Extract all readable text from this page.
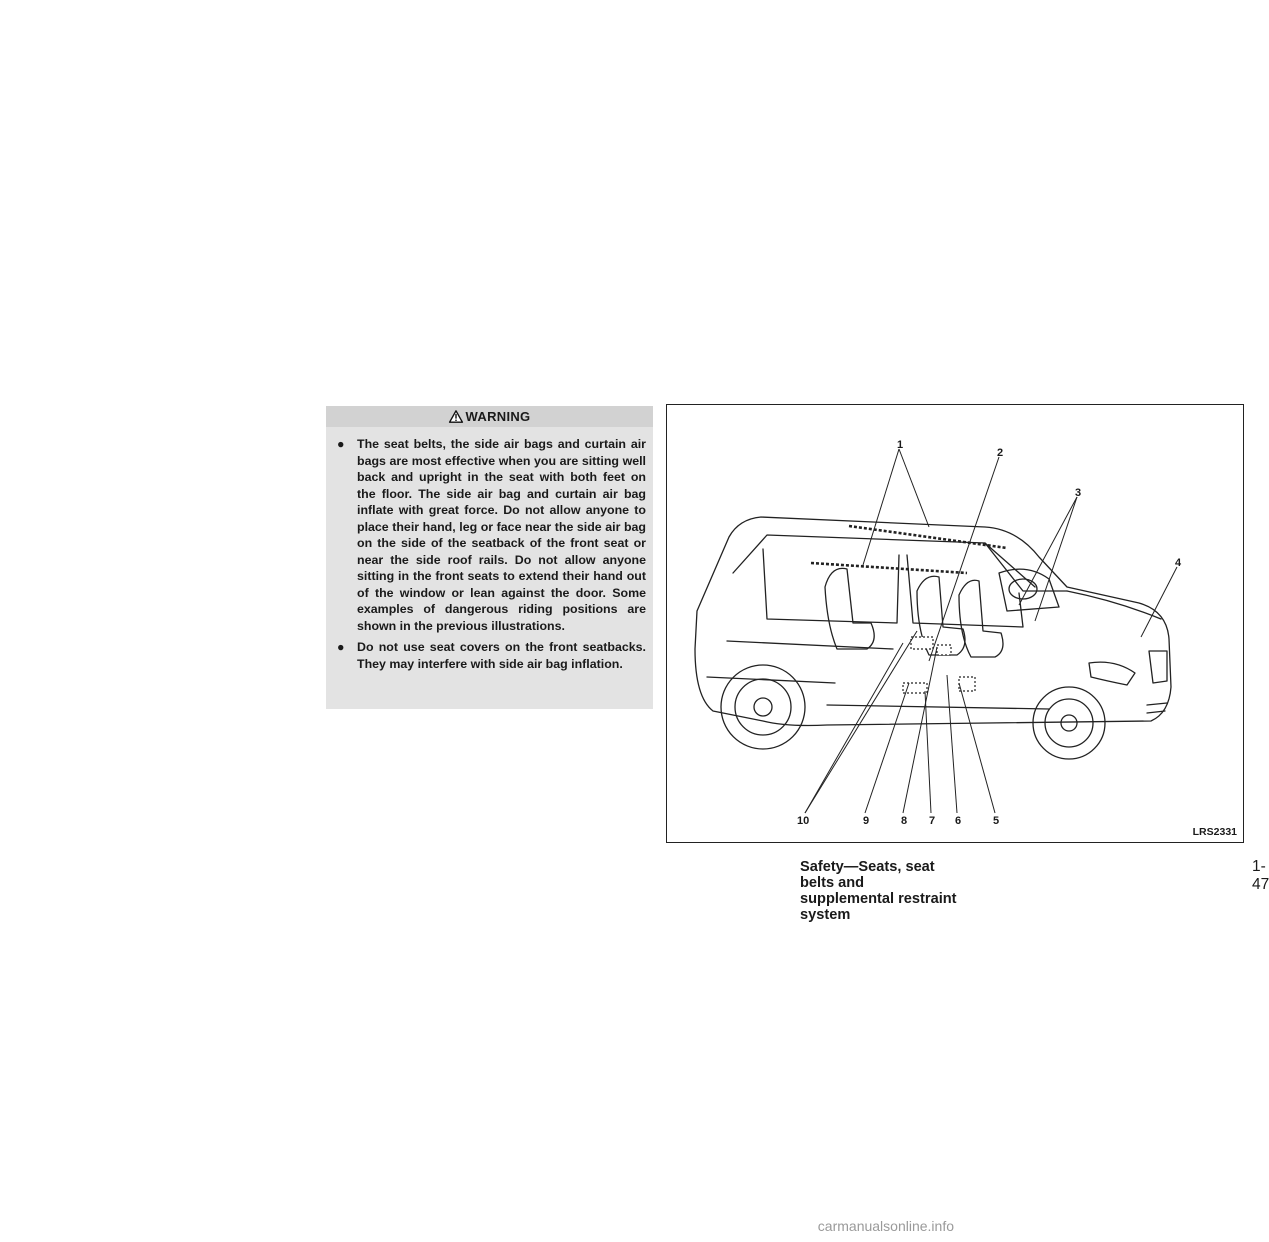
WARNING
● The seat belts, the side air bags and curtain air bags are most effective when you are sitting well back and upright in the seat with both feet on the floor. The side air bag and curtain air bag inflate with great force. Do not allow anyone to place their hand, leg or face near the side air bag on the side of the seatback of the front seat or near the side roof rails. Do not allow anyone sitting in the front seats to extend their hand out of the window or lean against the door. Some examples of dangerous riding positions are shown in the previous illustrations.
● Do not use seat covers on the front seatbacks. They may interfere with side air bag inflation.
1
2
3
4
5
6
7
8
9
10
LRS2331
Safety—Seats, seat belts and supplemental restraint system
1-47
carmanualsonline.info
